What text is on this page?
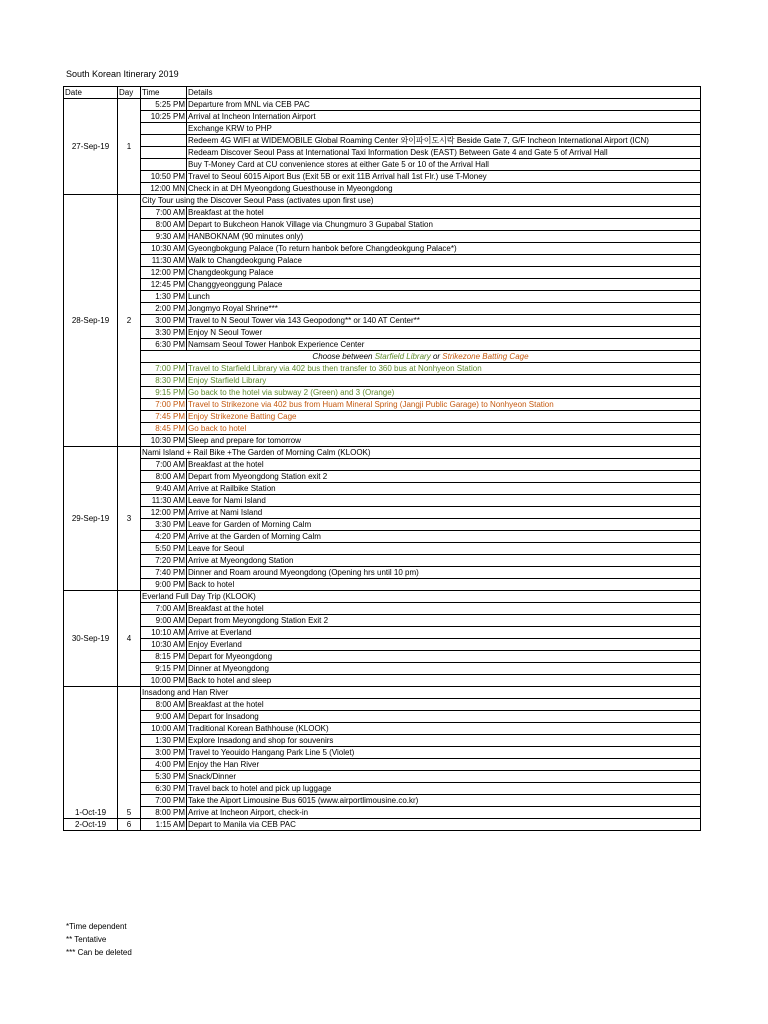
South Korean Itinerary 2019
Date	Day	Time	Details
27-Sep-19	1	5:25 PM	Departure from MNL via CEB PAC
		10:25 PM	Arrival at Incheon Internation Airport
			Exchange KRW to PHP
			Redeem 4G WIFI at WIDEMOBILE Global Roaming Center 와이파이도시락 Beside Gate 7, G/F Incheon International Airport (ICN)
			Redeam Discover Seoul Pass at International Taxi Information Desk (EAST) Between Gate 4 and Gate 5 of Arrival Hall
			Buy T-Money Card at CU convenience stores at either Gate 5 or 10 of the Arrival Hall
		10:50 PM	Travel to Seoul 6015 Aiport Bus (Exit 5B or exit 11B Arrival hall 1st Flr.) use T-Money
		12:00 MN	Check in at DH Myeongdong Guesthouse in Myeongdong
28-Sep-19	2	City Tour using the Discover Seoul Pass (activates upon first use)	
		7:00 AM	Breakfast at the hotel
		8:00 AM	Depart to Bukcheon Hanok Village via Chungmuro 3 Gupabal Station
		9:30 AM	HANBOKNAM (90 minutes only)
		10:30 AM	Gyeongbokgung Palace (To return hanbok before Changdeokgung Palace*)
		11:30 AM	Walk to Changdeokgung Palace
		12:00 PM	Changdeokgung Palace
		12:45 PM	Changgyeonggung Palace
		1:30 PM	Lunch
		2:00 PM	Jongmyo Royal Shrine***
		3:00 PM	Travel to N Seoul Tower via 143 Geopodong** or 140 AT Center**
		3:30 PM	Enjoy N Seoul Tower
		6:30 PM	Namsam Seoul Tower Hanbok Experience Center
		Choose between Starfield Library or Strikezone Batting Cage	
		7:00 PM	Travel to Starfield Library via 402 bus then transfer to 360 bus at Nonhyeon Station
		8:30 PM	Enjoy Starfield Library
		9:15 PM	Go back to the hotel via subway 2 (Green) and 3 (Orange)
		7:00 PM	Travel to Strikezone via 402 bus from Huam Mineral Spring (Jangji Public Garage) to Nonhyeon Station
		7:45 PM	Enjoy Strikezone Batting Cage
		8:45 PM	Go back to hotel
		10:30 PM	Sleep and prepare for tomorrow
29-Sep-19	3	Nami Island + Rail Bike +The Garden of Morning Calm (KLOOK)	
		7:00 AM	Breakfast at the hotel
		8:00 AM	Depart from Myeongdong Station exit 2
		9:40 AM	Arrive at Railbike Station
		11:30 AM	Leave for Nami Island
		12:00 PM	Arrive at Nami Island
		3:30 PM	Leave for Garden of Morning Calm
		4:20 PM	Arrive at the Garden of Morning Calm
		5:50 PM	Leave for Seoul
		7:20 PM	Arrive at Myeongdong Station
		7:40 PM	Dinner and Roam around Myeongdong (Opening hrs until 10 pm)
		9:00 PM	Back to hotel
30-Sep-19	4	Everland Full Day Trip (KLOOK)	
		7:00 AM	Breakfast at the hotel
		9:00 AM	Depart from Meyongdong Station Exit 2
		10:10 AM	Arrive at Everland
		10:30 AM	Enjoy Everland
		8:15 PM	Depart for Myeongdong
		9:15 PM	Dinner at Myeongdong
		10:00 PM	Back to hotel and sleep
1-Oct-19	5	Insadong and Han River	
		8:00 AM	Breakfast at the hotel
		9:00 AM	Depart for Insadong
		10:00 AM	Traditional Korean Bathhouse (KLOOK)
		1:30 PM	Explore Insadong and shop for souvenirs
		3:00 PM	Travel to Yeouido Hangang Park Line 5 (Violet)
		4:00 PM	Enjoy the Han River
		5:30 PM	Snack/Dinner
		6:30 PM	Travel back to hotel and pick up luggage
		7:00 PM	Take the Aiport Limousine Bus 6015 (www.airportlimousine.co.kr)
		8:00 PM	Arrive at Incheon Airport, check-in
2-Oct-19	6	1:15 AM	Depart to Manila via CEB PAC
*Time dependent
** Tentative
*** Can be deleted
